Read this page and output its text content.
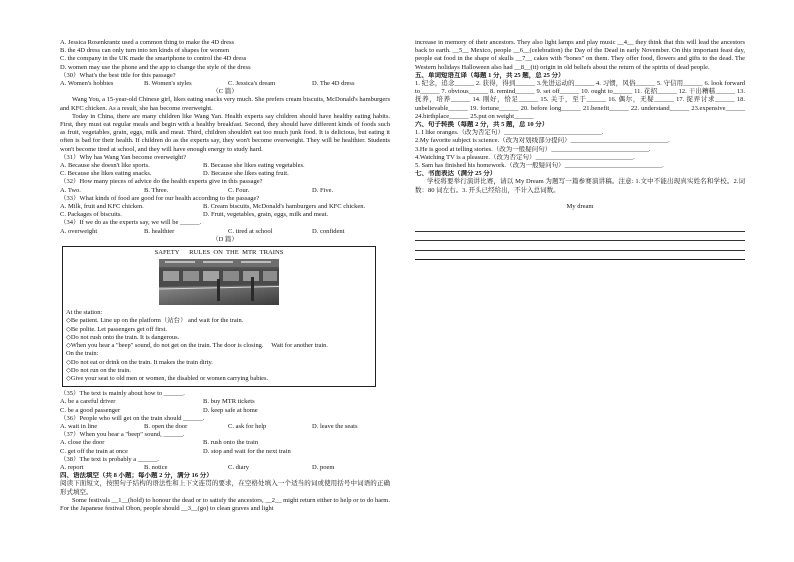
A. Jessica Rosenkrantz used a common thing to make the 4D dress
B. the 4D dress can only turn into ten kinds of shapes for women
C. the company in the UK made the smartphone to control the 4D dress
D. women may use the phone and the app to change the style of the dress
（30）What's the best title for this passage?
A. Women's hobbies	B. Women's styles	C. Jessica's dream	D. The 4D dress
（C 篇）

Wang You, a 15-year-old Chinese girl, likes eating snacks very much. She prefers cream biscuits, McDonald's hamburgers and KFC chicken. As a result, she has become overweight.

Today in China, there are many children like Wang Yan. Health experts say children should have healthy eating habits. First, they must eat regular meals and begin with a healthy breakfast. Second, they should have different kinds of foods such as fruit, vegetables, grain, eggs, milk and meat. Third, children shouldn't eat too much junk food. It is delicious, but eating it often is bad for their health. If children do as the experts say, they won't become overweight. They will be healthier. Students won't become tired at school, and they will have enough energy to study hard.

（31）Why has Wang Yan become overweight?
A. Because she doesn't like sports.	B. Because she likes eating vegetables.
C. Because she likes eating snacks.	D. Because she likes eating fruit.
（32）How many pieces of advice do the health experts give in this passage?
A. Two.	B. Three.	C. Four.	D. Five.
（33）What kinds of food are good for our health according to the passage?
A. Milk, fruit and KFC chicken.	B. Cream biscuits, McDonald's hamburgers and KFC chicken.
C. Packages of biscuits.	D. Fruit, vegetables, grain, eggs, milk and meat.
（34）If we do as the experts say, we will be ______.
A. overweight	B. healthier	C. tired at school	D. confident
（D 篇）
SAFETY      RULES  ON  THE  MTR  TRAINS
At the station:
◇Be patient. Line up on the platform（站台） and wait for the train.
◇Be polite. Let passengers get off first.
◇Do not rush onto the train. It is dangerous.
◇When you hear a "beep" sound, do not get on the train. The door is closing.     Wait for another train.
On the train:
◇Do not eat or drink on the train. It makes the train dirty.
◇Do not run on the train.
◇Give your seat to old men or women, the disabled or women carrying babies.
（35）The text is mainly about how to ______.
A. be a careful driver	B. buy MTR tickets
C. be a good passenger	D. keep safe at home
（36）People who will get on the train should ______.
A. wait in line	B. open the door	C. ask for help	D. leave the seats
（37）When you hear a "beep" sound, ______.
A. close the door	B. rush onto the train
C. get off the train at once	D. stop and wait for the next train
（38）The text is probably a ______.
A. report	B. notice	C. diary	D. poem
四、语法填空（共 8 小题；每小题 2 分，满分 16 分）

阅读下面短文，按照句子结构的语法性和上下文连贯的要求，在空格处填入一个适当的词或使用括号中词语的正确形式填空。

Some festivals __1__(hold) to honour the dead or to satisfy the ancestors, __2__ might return either to help or to do harm. For the Japanese festival Obon, people should __3__(go) to clean graves and light

increase in memory of their ancestors. They also light lamps and play music __4__ they think that this will lead the ancestors back to earth. __5__ Mexico, people __6__(celebration) the Day of the Dead in early November. On this important feast day, people eat food in the shape of skulls __7__ cakes with "bones" on them. They offer food, flowers and gifts to the dead. The Western holidays Halloween also had __8__(it) origin in old beliefs about the return of the spirits of dead people.

五、单词短语互译（每题 1 分，共 25 题，总 25 分）

1. 纪念，追念______ 2. 获得，得到______ 3.先进运动的______ 4. 习惯，风俗______ 5. 守信用______ 6. look forward to______ 7. obvious______ 8. remind______ 9. set off______ 10. ought to______ 11. 花招______ 12. 干出糟糕______ 13.抚养，培养______ 14. 刚好，恰足______ 15. 关于，至于______ 16. 偶尔，无疑______ 17. 捉弄讨求______ 18. unbelievable______ 19. fortune______ 20. before long______ 21.benefit______ 22. understand______ 23.expensive______ 24.birthplace______ 25.put on weight______

六、句子转换（每题 2 分，共 5 题，总 10 分）
1. I like oranges.（改为否定句）______________________________.
2.My favorite subject is science.（改为对划线部分提问）______________________________.
3.He is good at telling stories.（改为一般疑问句）______________________________.
4.Watching TV is a pleasure.（改为否定句）______________________________.
5. Sam has finished his homework.（改为一般疑问句）______________________________.
七、书面表达（满分 25 分）

学校将要举行演讲比赛，请以 My Dream 为题写一篇参赛演讲稿。注意: 1.文中不能出现真实姓名和学校。2.词数：80 词左右。3. 开头已经给出，不计入总词数。

My dream
